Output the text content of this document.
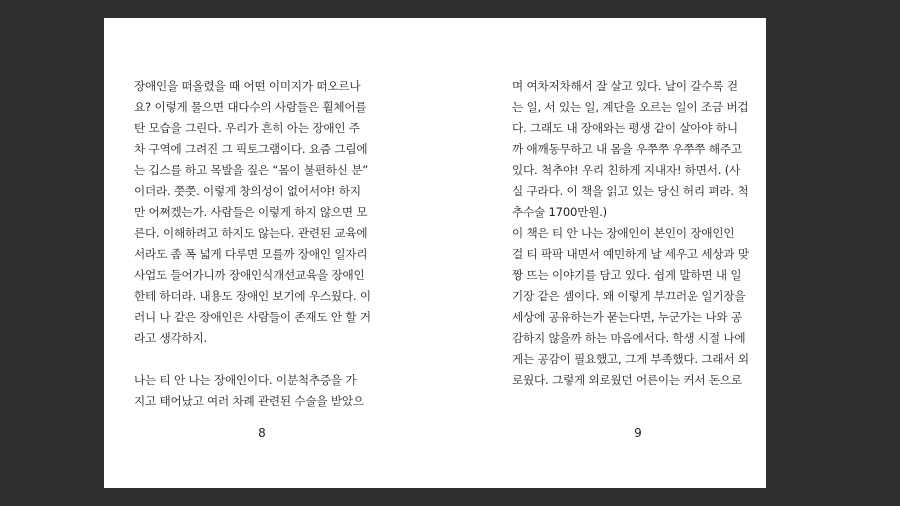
장애인을 떠올렸을 때 어떤 이미지가 떠오르나
요? 이렇게 물으면 대다수의 사람들은 휠체어를
탄 모습을 그린다. 우리가 흔히 아는 장애인 주
차 구역에 그려진 그 픽토그램이다. 요즘 그림에
는 깁스를 하고 목발을 짚은 “몸이 불편하신 분”
이더라. 쯧쯧. 이렇게 창의성이 없어서야! 하지
만 어쩌겠는가. 사람들은 이렇게 하지 않으면 모
른다. 이해하려고 하지도 않는다. 관련된 교육에
서라도 좀 폭 넓게 다루면 모를까 장애인 일자리
사업도 들어가니까 장애인식개선교육을 장애인
한테 하더라. 내용도 장애인 보기에 우스웠다. 이
러니 나 같은 장애인은 사람들이 존재도 안 할 거
라고 생각하지.
나는 티 안 나는 장애인이다. 이분척추증을 가
지고 태어났고 여러 차례 관련된 수술을 받았으
며 여차저차해서 잘 살고 있다. 날이 갈수록 걷
는 일, 서 있는 일, 계단을 오르는 일이 조금 버겁
다. 그래도 내 장애와는 평생 같이 살아야 하니
까 애깨동무하고 내 몸을 우쭈쭈 우쭈쭈 해주고
있다. 척추야! 우리 친하게 지내자! 하면서. (사
실 구라다. 이 책을 읽고 있는 당신 허리 펴라. 척
추수술 1700만원.)
이 책은 티 안 나는 장애인이 본인이 장애인인
걸 티 팍팍 내면서 예민하게 날 세우고 세상과 맞
짱 뜨는 이야기를 담고 있다. 쉽게 말하면 내 일
기장 같은 셈이다. 왜 이렇게 부끄러운 일기장을
세상에 공유하는가 묻는다면, 누군가는 나와 공
감하지 않을까 하는 마음에서다. 학생 시절 나에
게는 공감이 필요했고, 그게 부족했다. 그래서 외
로웠다. 그렇게 외로웠던 어른이는 커서 돈으로
8	9
